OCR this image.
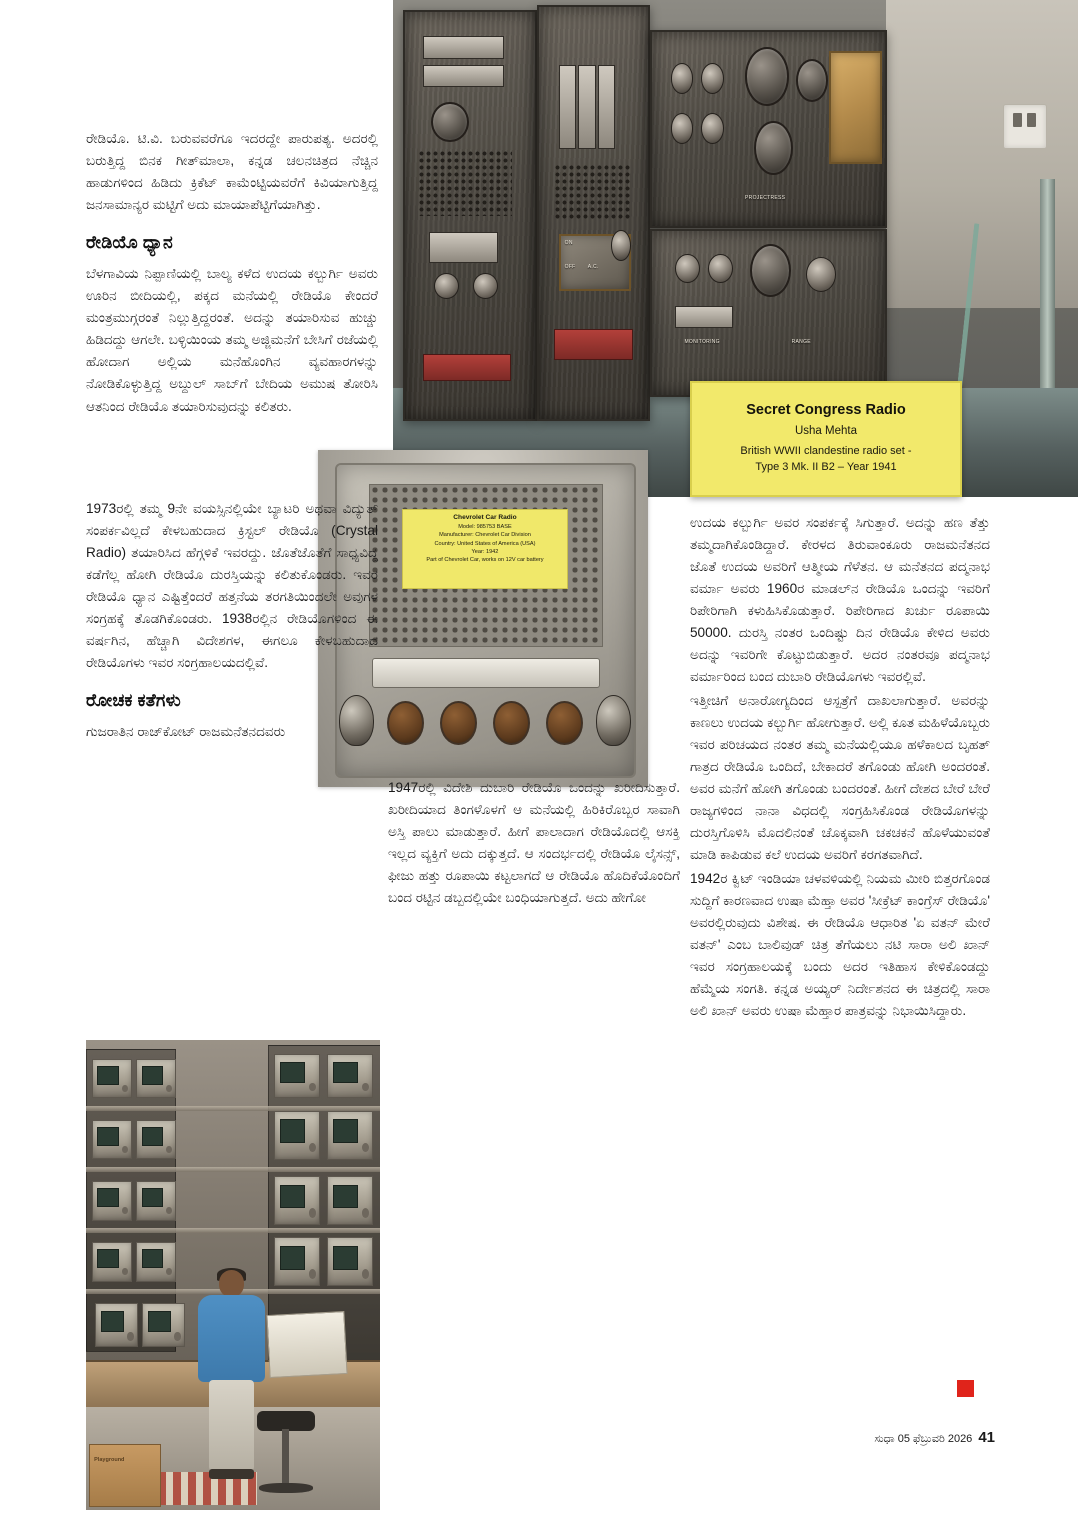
ON
OFF A.C.
PROJECTRESS
MONITORING	RANGE
Secret Congress Radio
Usha Mehta
British WWII clandestine radio set -
Type 3 Mk. II B2 – Year 1941
Chevrolet Car Radio
Model: 985753 BASE
Manufacturer: Chevrolet Car Division
Country: United States of America (USA)
Year: 1942
Part of Chevrolet Car, works on 12V car battery

ರೇಡಿಯೊ. ಟಿ.ವಿ. ಬರುವವರೆಗೂ ಇದರದ್ದೇ ಪಾರುಪತ್ಯ. ಅದರಲ್ಲಿ ಬರುತ್ತಿದ್ದ ಬಿನಕ ಗೀತ್‌ಮಾಲಾ, ಕನ್ನಡ ಚಲನಚಿತ್ರದ ನೆಚ್ಚಿನ ಹಾಡುಗಳಿಂದ ಹಿಡಿದು ಕ್ರಿಕೆಟ್ ಕಾಮೆಂಟ್ಟಿಯವರೆಗೆ ಕಿವಿಯಾಗುತ್ತಿದ್ದ ಜನಸಾಮಾನ್ಯರ ಮಟ್ಟಿಗೆ ಅದು ಮಾಯಾಪೆಟ್ಟಿಗೆಯಾಗಿತ್ತು.

ರೇಡಿಯೊ ಧ್ಯಾನ

ಬೆಳಗಾವಿಯ ನಿಪ್ಪಾಣಿಯಲ್ಲಿ ಬಾಲ್ಯ ಕಳೆದ ಉದಯ ಕಲ್ಬುರ್ಗಿ ಅವರು ಊರಿನ ಬೀದಿಯಲ್ಲಿ, ಪಕ್ಕದ ಮನೆಯಲ್ಲಿ ರೇಡಿಯೊ ಕೇಂದರೆ ಮಂತ್ರಮುಗ್ಗರಂತೆ ನಿಲ್ಲುತ್ತಿದ್ದರಂತೆ. ಅದನ್ನು ತಯಾರಿಸುವ ಹುಚ್ಚು ಹಿಡಿದದ್ದು ಆಗಲೇ. ಬಳ್ಳಿಯಿಂಯ ತಮ್ಮ ಅಜ್ಜಿಮನೆಗೆ ಬೇಸಿಗೆ ರಜೆಯಲ್ಲಿ ಹೋದಾಗ ಅಲ್ಲಿಯ ಮನೆಹೊಂಗಿನ ವ್ಯವಹಾರಗಳನ್ನು ನೋಡಿಕೊಳ್ಳುತ್ತಿದ್ದ ಅಬ್ದುಲ್ ಸಾಬ್‌ಗೆ ಬೇದಿಯ ಅಮುಷ ತೋರಿಸಿ ಆತನಿಂದ ರೇಡಿಯೊ ತಯಾರಿಸುವುದನ್ನು ಕಲಿತರು.

1973ರಲ್ಲಿ ತಮ್ಮ 9ನೇ ವಯಸ್ಸಿನಲ್ಲಿಯೇ ಬ್ಯಾಟರಿ ಅಥವಾ ವಿದ್ಯುತ್ ಸಂಪರ್ಕವಿಲ್ಲದೆ ಕೇಳಬಹುದಾದ ಕ್ರಿಸ್ಟಲ್ ರೇಡಿಯೊ (Crystal Radio) ತಯಾರಿಸಿದ ಹೆಗ್ಗಳಿಕೆ ಇವರದ್ದು. ಜೊತೆಜೊತೆಗೆ ಸಾಧ್ಯವಿದ್ದ ಕಡೆಗೆಲ್ಲ ಹೋಗಿ ರೇಡಿಯೊ ದುರಸ್ತಿಯನ್ನು ಕಲಿತುಕೊಂಡರು. ಇವರ ರೇಡಿಯೊ ಧ್ಯಾನ ಎಷ್ಟಿತ್ತೆಂದರೆ ಹತ್ತನೆಯ ತರಗತಿಯಿಂದಲೇ ಅವುಗಳ ಸಂಗ್ರಹಕ್ಕೆ ತೊಡಗಿಕೊಂಡರು. 1938ರಲ್ಲಿನ ರೇಡಿಯೊಗಳಿಂದ ಈ ವರ್ಷಗಿನ, ಹೆಚ್ಚಾಗಿ ವಿದೇಶಗಳ, ಈಗಲೂ ಕೇಳಬಹುದಾದ ರೇಡಿಯೊಗಳು ಇವರ ಸಂಗ್ರಹಾಲಯದಲ್ಲಿವೆ.

ರೋಚಕ ಕತೆಗಳು

ಗುಜರಾತಿನ ರಾಜ್‌ಕೋಟ್ ರಾಜಮನೆತನದವರು

1947ರಲ್ಲಿ ವಿದೇಶಿ ದುಬಾರಿ ರೇಡಿಯೊ ಒಂದನ್ನು ಖರೀದಿಸುತ್ತಾರೆ. ಖರೀದಿಯಾದ ತಿಂಗಳೊಳಗೆ ಆ ಮನೆಯಲ್ಲಿ ಹಿರಿಕಿರೊಬ್ಬರ ಸಾವಾಗಿ ಅಸ್ತಿ ಪಾಲು ಮಾಡುತ್ತಾರೆ. ಹೀಗೆ ಪಾಲಾದಾಗ ರೇಡಿಯೊದಲ್ಲಿ ಆಸಕ್ತಿ ಇಲ್ಲದ ವ್ಯಕ್ತಿಗೆ ಅದು ದಕ್ಕುತ್ತದೆ. ಆ ಸಂದರ್ಭದಲ್ಲಿ ರೇಡಿಯೊ ಲೈಸನ್ಸ್, ಫೀಜು ಹತ್ತು ರೂಪಾಯಿ ಕಟ್ಟಲಾಗದೆ ಆ ರೇಡಿಯೊ ಹೊದಿಕೆಯೊಂದಿಗೆ ಬಂದ ರಟ್ಟಿನ ಡಬ್ಬದಲ್ಲಿಯೇ ಬಂಧಿಯಾಗುತ್ತದೆ. ಅದು ಹೇಗೋ

ಉದಯ ಕಲ್ಬುರ್ಗಿ ಅವರ ಸಂಪರ್ಕಕ್ಕೆ ಸಿಗುತ್ತಾರೆ. ಅದನ್ನು ಹಣ ತೆತ್ತು ತಮ್ಮದಾಗಿಕೊಂಡಿದ್ದಾರೆ. ಕೇರಳದ ತಿರುವಾಂಕೂರು ರಾಜಮನೆತನದ ಜೊತೆ ಉದಯ ಅವರಿಗೆ ಆತ್ಮೀಯ ಗೆಳೆತನ. ಆ ಮನೆತನದ ಪದ್ಮನಾಭ ವರ್ಮಾ ಅವರು 1960ರ ಮಾಡಲ್‌ನ ರೇಡಿಯೊ ಒಂದನ್ನು ಇವರಿಗೆ ರಿಪೇರಿಗಾಗಿ ಕಳುಹಿಸಿಕೊಡುತ್ತಾರೆ. ರಿಪೇರಿಗಾದ ಖರ್ಚು ರೂಪಾಯಿ 50000. ದುರಸ್ತಿ ನಂತರ ಒಂದಿಷ್ಟು ದಿನ ರೇಡಿಯೊ ಕೇಳಿದ ಅವರು ಅದನ್ನು ಇವರಿಗೇ ಕೊಟ್ಟುಬಿಡುತ್ತಾರೆ. ಅದರ ನಂತರವೂ ಪದ್ಮನಾಭ ವರ್ಮಾರಿಂದ ಬಂದ ದುಬಾರಿ ರೇಡಿಯೊಗಳು ಇವರಲ್ಲಿವೆ.

ಇತ್ತೀಚಿಗೆ ಅನಾರೋಗ್ಯದಿಂದ ಆಸ್ಪತ್ರೆಗೆ ದಾಖಲಾಗುತ್ತಾರೆ. ಅವರನ್ನು ಕಾಣಲು ಉದಯ ಕಲ್ಬುರ್ಗಿ ಹೋಗುತ್ತಾರೆ. ಅಲ್ಲಿ ಕೂತ ಮಹಿಳೆಯೊಬ್ಬರು ಇವರ ಪರಿಚಯದ ನಂತರ ತಮ್ಮ ಮನೆಯಲ್ಲಿಯೂ ಹಳೆಕಾಲದ ಬೃಹತ್ ಗಾತ್ರದ ರೇಡಿಯೊ ಒಂದಿದೆ, ಬೇಕಾದರೆ ತಗೊಂಡು ಹೋಗಿ ಅಂದರಂತೆ. ಅವರ ಮನೆಗೆ ಹೋಗಿ ತಗೊಂಡು ಬಂದರಂತೆ. ಹೀಗೆ ದೇಶದ ಬೇರೆ ಬೇರೆ ರಾಜ್ಯಗಳಿಂದ ನಾನಾ ವಿಧದಲ್ಲಿ ಸಂಗ್ರಹಿಸಿಕೊಂಡ ರೇಡಿಯೊಗಳನ್ನು ದುರಸ್ತಿಗೊಳಿಸಿ ಮೊದಲಿನಂತೆ ಚೊಕ್ಕವಾಗಿ ಚಕಚಕನೆ ಹೊಳೆಯುವಂತೆ ಮಾಡಿ ಕಾಪಿಡುವ ಕಲೆ ಉದಯ ಅವರಿಗೆ ಕರಗತವಾಗಿದೆ.

1942ರ ಕ್ವಿಟ್ ಇಂಡಿಯಾ ಚಳವಳಿಯಲ್ಲಿ ನಿಯಮ ಮೀರಿ ಬಿತ್ತರಗೊಂಡ ಸುದ್ದಿಗೆ ಕಾರಣವಾದ ಉಷಾ ಮೆಹ್ತಾ ಅವರ 'ಸೀಕ್ರೆಟ್ ಕಾಂಗ್ರೆಸ್ ರೇಡಿಯೊ' ಅವರಲ್ಲಿರುವುದು ವಿಶೇಷ. ಈ ರೇಡಿಯೊ ಆಧಾರಿತ 'ಏ ವತನ್ ಮೇರೆ ವತನ್' ಎಂಬ ಬಾಲಿವುಡ್ ಚಿತ್ರ ತೆಗೆಯಲು ನಟಿ ಸಾರಾ ಅಲಿ ಖಾನ್ ಇವರ ಸಂಗ್ರಹಾಲಯಕ್ಕೆ ಬಂದು ಅದರ ಇತಿಹಾಸ ಕೇಳಿಕೊಂಡದ್ದು ಹೆಮ್ಮೆಯ ಸಂಗತಿ. ಕನ್ನಡ ಅಯ್ಯರ್ ನಿರ್ದೇಶನದ ಈ ಚಿತ್ರದಲ್ಲಿ ಸಾರಾ ಅಲಿ ಖಾನ್ ಅವರು ಉಷಾ ಮೆಹ್ತಾರ ಪಾತ್ರವನ್ನು ನಿಭಾಯಿಸಿದ್ದಾರು.

Playground
ಸುಧಾ 05 ಫೆಬ್ರುವರಿ 2026 41
